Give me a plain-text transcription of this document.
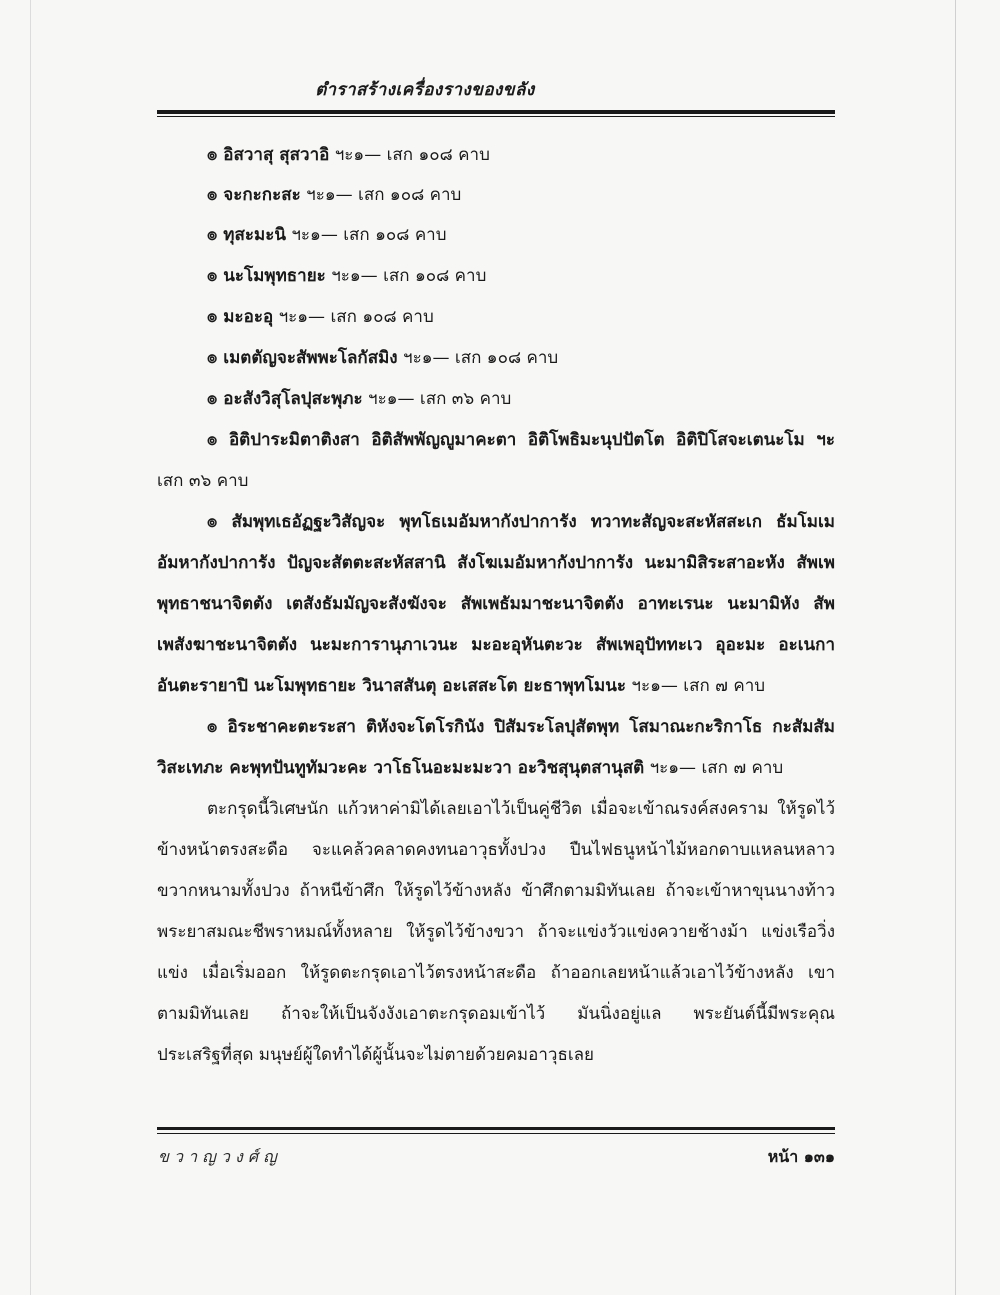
ตำราสร้างเครื่องรางของขลัง
๏ อิสวาสุ สุสวาอิ ฯะ๑— เสก ๑๐๘ คาบ
๏ จะกะกะสะ ฯะ๑— เสก ๑๐๘ คาบ
๏ ทุสะมะนิ ฯะ๑— เสก ๑๐๘ คาบ
๏ นะโมพุทธายะ ฯะ๑— เสก ๑๐๘ คาบ
๏ มะอะอุ ฯะ๑— เสก ๑๐๘ คาบ
๏ เมตตัญจะสัพพะโลกัสมิง ฯะ๑— เสก ๑๐๘ คาบ
๏ อะสังวิสุโลปุสะพุภะ ฯะ๑— เสก ๓๖ คาบ
๏ อิติปาระมิตาติงสา อิติสัพพัญญูมาคะตา อิติโพธิมะนุปปัตโต อิติปิโสจะเตนะโม ฯะ
เสก ๓๖ คาบ
๏ สัมพุทเธอัฏฐะวิสัญจะ พุทโธเมอัมหากังปาการัง ทวาทะสัญจะสะหัสสะเก ธัมโมเม
อัมหากังปาการัง ปัญจะสัตตะสะหัสสานิ สังโฆเมอัมหากังปาการัง นะมามิสิระสาอะหัง สัพเพ
พุทธาชนาจิตตัง เตสังธัมมัญจะสังฆังจะ สัพเพธัมมาชะนาจิตตัง อาทะเรนะ นะมามิหัง สัพ
เพสังฆาชะนาจิตตัง นะมะการานุภาเวนะ มะอะอุหันตะวะ สัพเพอุปัททะเว อุอะมะ อะเนกา
อันตะรายาปิ นะโมพุทธายะ วินาสสันตุ อะเสสะโต ยะธาพุทโมนะ ฯะ๑— เสก ๗ คาบ
๏ อิระชาคะตะระสา ติหังจะโตโรกินัง ปิสัมระโลปุสัตพุท โสมาณะกะริกาโธ กะสัมสัม
วิสะเทภะ คะพุทปันทูทัมวะคะ วาโธโนอะมะมะวา อะวิชสุนุตสานุสติ ฯะ๑— เสก ๗ คาบ
ตะกรุดนี้วิเศษนัก แก้วหาค่ามิได้เลยเอาไว้เป็นคู่ชีวิต เมื่อจะเข้าณรงค์สงคราม ให้รูดไว้
ข้างหน้าตรงสะดือ จะแคล้วคลาดคงทนอาวุธทั้งปวง ปืนไฟธนูหน้าไม้หอกดาบแหลนหลาว
ขวากหนามทั้งปวง ถ้าหนีข้าศึก ให้รูดไว้ข้างหลัง ข้าศึกตามมิทันเลย ถ้าจะเข้าหาขุนนางท้าว
พระยาสมณะชีพราหมณ์ทั้งหลาย ให้รูดไว้ข้างขวา ถ้าจะแข่งวัวแข่งควายช้างม้า แข่งเรือวิ่ง
แข่ง เมื่อเริ่มออก ให้รูดตะกรุดเอาไว้ตรงหน้าสะดือ ถ้าออกเลยหน้าแล้วเอาไว้ข้างหลัง เขา
ตามมิทันเลย ถ้าจะให้เป็นจังงังเอาตะกรุดอมเข้าไว้ มันนิ่งอยู่แล พระยันต์นี้มีพระคุณ
ประเสริฐที่สุด มนุษย์ผู้ใดทำได้ผู้นั้นจะไม่ตายด้วยคมอาวุธเลย
ข ว า ญ ว ง ศ์ ญ	หน้า ๑๓๑
